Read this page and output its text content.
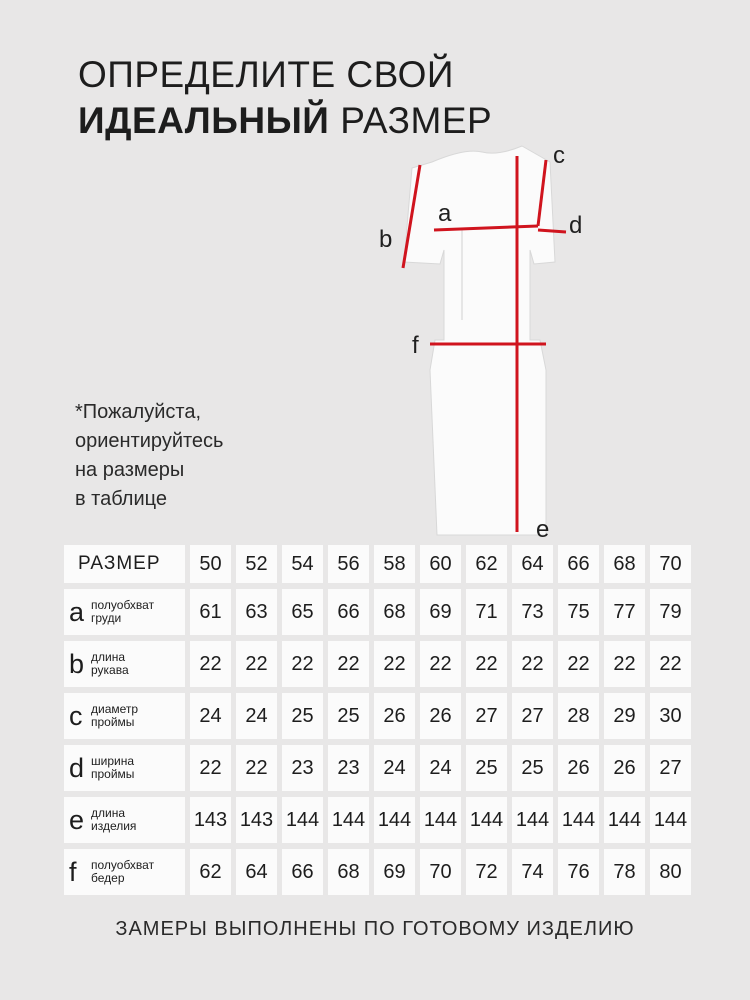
ОПРЕДЕЛИТЕ СВОЙ
ИДЕАЛЬНЫЙ РАЗМЕР
a
b
c
d
e
f
*Пожалуйста,
ориентируйтесь
на размеры
в таблице
РАЗМЕР	50	52	54	56	58	60	62	64	66	68	70
a полуобхват
груди	61	63	65	66	68	69	71	73	75	77	79
b длина
рукава	22	22	22	22	22	22	22	22	22	22	22
c диаметр
проймы	24	24	25	25	26	26	27	27	28	29	30
d ширина
проймы	22	22	23	23	24	24	25	25	26	26	27
e длина
изделия	143 143 144 144 144 144 144 144 144 144 144
f	полуобхват
бедер	62	64	66	68	69	70	72	74	76	78	80
ЗАМЕРЫ ВЫПОЛНЕНЫ ПО ГОТОВОМУ ИЗДЕЛИЮ
